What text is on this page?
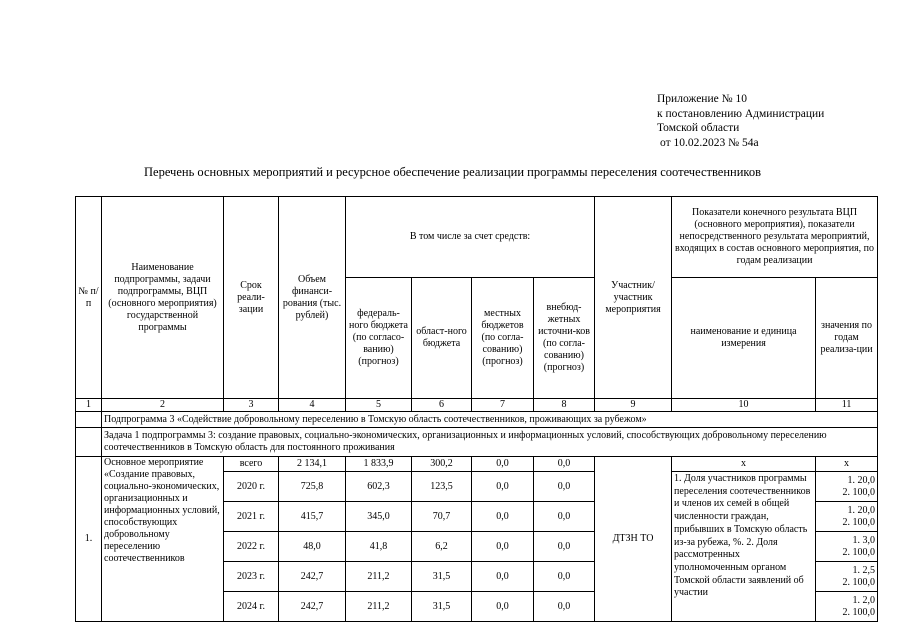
Приложение № 10
к постановлению Администрации
Томской области
от 10.02.2023 № 54а
Перечень основных мероприятий и ресурсное обеспечение реализации программы переселения соотечественников
№ п/п	Наименование подпрограммы, задачи подпрограммы, ВЦП (основного мероприятия) государственной программы	Срок реали-зации	Объем финанси-рования (тыс. рублей)	В том числе за счет средств:				Участник/ участник мероприятия	Показатели конечного результата ВЦП (основного мероприятия), показатели непосредственного результата мероприятий, входящих в состав основного мероприятия, по годам реализации	
				федераль-ного бюджета (по согласо-ванию) (прогноз)	област-ного бюджета	местных бюджетов (по согла-сованию) (прогноз)	внебюд-жетных источни-ков (по согла-сованию) (прогноз)		наименование и единица измерения	значения по годам реализа-ции
1	2	3	4	5	6	7	8	9	10	11
	Подпрограмма 3 «Содействие добровольному переселению в Томскую область соотечественников, проживающих за рубежом»									
	Задача 1 подпрограммы 3: создание правовых, социально-экономических, организационных и информационных условий, способствующих добровольному переселению соотечественников в Томскую область для постоянного проживания									
1.	Основное мероприятие «Создание правовых, социально-экономических, организационных и информационных условий, способствующих добровольному переселению соотечественников	всего	2 134,1	1 833,9	300,2	0,0	0,0	ДТЗН ТО	х	х
		2020 г.	725,8	602,3	123,5	0,0	0,0		1. Доля участников программы переселения соотечественников и членов их семей в общей численности граждан, прибывших в Томскую область из-за рубежа, %. 2. Доля рассмотренных уполномоченным органом Томской области заявлений об участии	1. 20,0
2. 100,0

		2021 г.	415,7	345,0	70,7	0,0	0,0			1. 20,0
2. 100,0

		2022 г.	48,0	41,8	6,2	0,0	0,0			1. 3,0
2. 100,0

		2023 г.	242,7	211,2	31,5	0,0	0,0			1. 2,5
2. 100,0

		2024 г.	242,7	211,2	31,5	0,0	0,0			1. 2,0
2. 100,0
